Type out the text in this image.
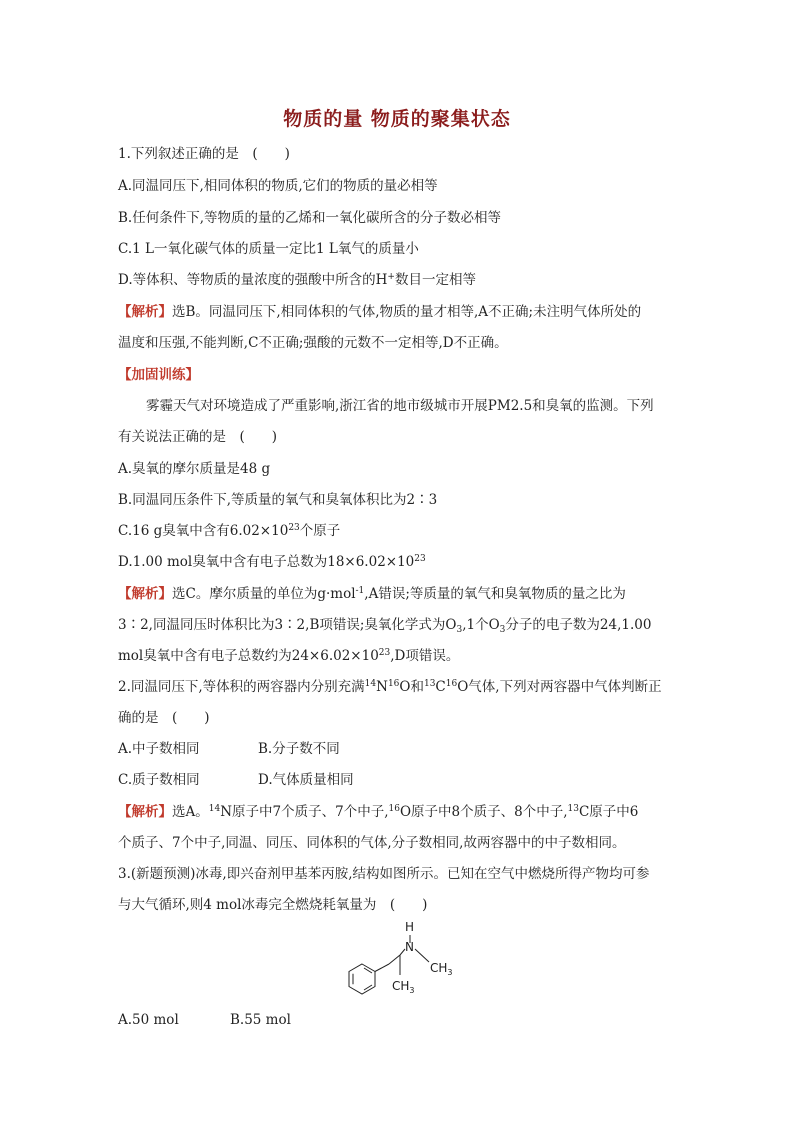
物质的量 物质的聚集状态
1.下列叙述正确的是　(　　)
A.同温同压下,相同体积的物质,它们的物质的量必相等
B.任何条件下,等物质的量的乙烯和一氧化碳所含的分子数必相等
C.1 L一氧化碳气体的质量一定比1 L氧气的质量小
D.等体积、等物质的量浓度的强酸中所含的H+数目一定相等
【解析】选B。同温同压下,相同体积的气体,物质的量才相等,A不正确;未注明气体所处的
温度和压强,不能判断,C不正确;强酸的元数不一定相等,D不正确。
【加固训练】
雾霾天气对环境造成了严重影响,浙江省的地市级城市开展PM2.5和臭氧的监测。下列
有关说法正确的是　(　　)
A.臭氧的摩尔质量是48 g
B.同温同压条件下,等质量的氧气和臭氧体积比为2∶3
C.16 g臭氧中含有$6.02\times 10^{23}$个原子
D.1.00 mol臭氧中含有电子总数为$18\times 6.02\times 10^{23}$
【解析】选C。摩尔质量的单位为g·mol$^{-1}$,A错误;等质量的氧气和臭氧物质的量之比为
3∶2,同温同压时体积比为3∶2,B项错误;臭氧化学式为$O_3,1$个$O_3$分子的电子数为24,1.00
mol臭氧中含有电子总数约为$24\times 6.02\times 10^{23},D$项错误。
2.同温同压下,等体积的两容器内分别充满$^{14}N^{16}O$和$^{13}C^{16}O$气体,下列对两容器中气体判断正
确的是　(　　)
A.中子数相同	B.分子数不同
C.质子数相同	D.气体质量相同
【解析】选A。$^{14}$N原子中7个质子、7个中子,$^{16}$O原子中8个质子、8个中子,$^{13}$C原子中6
个质子、7个中子,同温、同压、同体积的气体,分子数相同,故两容器中的中子数相同。
3.(新题预测)冰毒,即兴奋剂甲基苯丙胺,结构如图所示。已知在空气中燃烧所得产物均可参
与大气循环,则4 mol冰毒完全燃烧耗氧量为　(　　)
H
N
$CH_3$
$CH_3$
A.50 mol	B.55 mol
